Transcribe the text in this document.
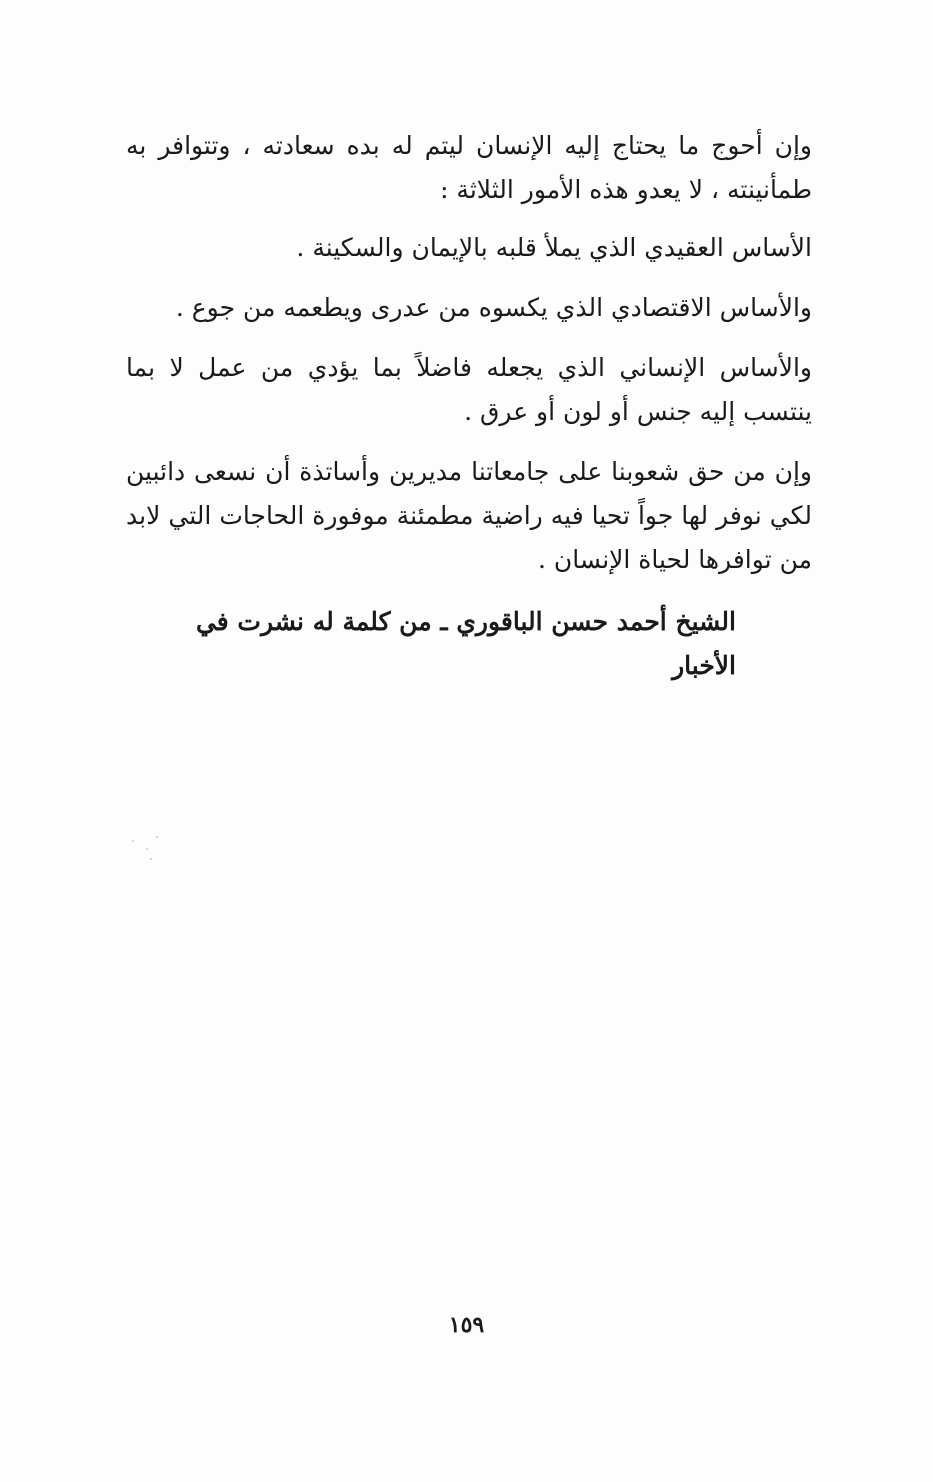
وإن أحوج ما يحتاج إليه الإنسان ليتم له بده سعادته ، وتتوافر به طمأنينته ، لا يعدو هذه الأمور الثلاثة :

الأساس العقيدي الذي يملأ قلبه بالإيمان والسكينة .

والأساس الاقتصادي الذي يكسوه من عدرى ويطعمه من جوع .

والأساس الإنساني الذي يجعله فاضلاً بما يؤدي من عمل لا بما ينتسب إليه جنس أو لون أو عرق .

وإن من حق شعوبنا على جامعاتنا مديرين وأساتذة أن نسعى دائبين لكي نوفر لها جواً تحيا فيه راضية مطمئنة موفورة الحاجات التي لابد من توافرها لحياة الإنسان .

الشيخ أحمد حسن الباقوري ـ من كلمة له نشرت في الأخبار
١٥٩
